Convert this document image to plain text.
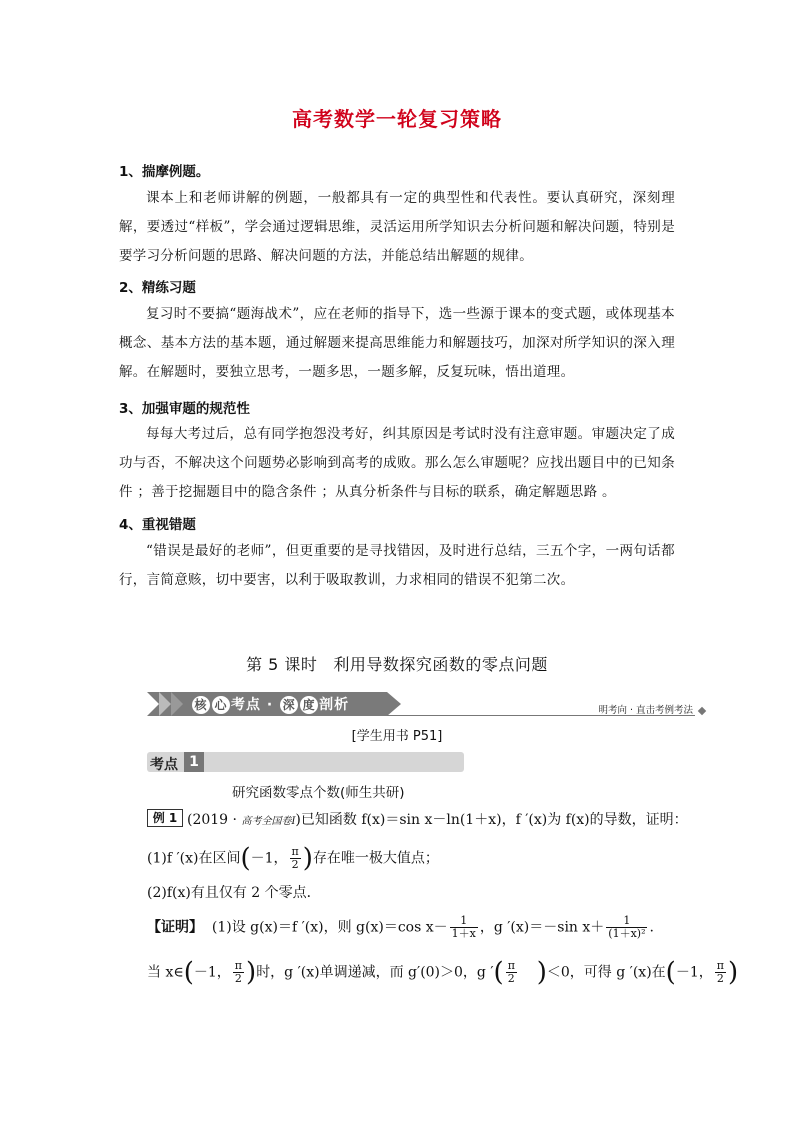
高考数学一轮复习策略
1、揣摩例题。
课本上和老师讲解的例题，一般都具有一定的典型性和代表性。要认真研究，深刻理解，要透过“样板”，学会通过逻辑思维，灵活运用所学知识去分析问题和解决问题，特别是要学习分析问题的思路、解决问题的方法，并能总结出解题的规律。
2、精练习题
复习时不要搞“题海战术”，应在老师的指导下，选一些源于课本的变式题，或体现基本概念、基本方法的基本题，通过解题来提高思维能力和解题技巧，加深对所学知识的深入理解。在解题时，要独立思考，一题多思，一题多解，反复玩味，悟出道理。
3、加强审题的规范性
每每大考过后，总有同学抱怨没考好，纠其原因是考试时没有注意审题。审题决定了成功与否，不解决这个问题势必影响到高考的成败。那么怎么审题呢？应找出题目中的已知条件 ；善于挖掘题目中的隐含条件 ；从真分析条件与目标的联系，确定解题思路 。
4、重视错题
“错误是最好的老师”，但更重要的是寻找错因，及时进行总结，三五个字，一两句话都行，言简意赅，切中要害，以利于吸取教训，力求相同的错误不犯第二次。
第 5 课时 利用导数探究函数的零点问题
核 心 考点 · 深 度 剖析	明考向 · 直击考例考法
[学生用书 P51]
考点 1
研究函数零点个数(师生共研)
例 1 (2019 · 高考全国卷Ⅰ)已知函数 f(x)＝sin x－ln(1＋x)，f ′(x)为 f(x)的导数，证明：
(1)f ′(x)在区间(－1， $\frac{\pi}{2}$ )存在唯一极大值点；
(2)f(x)有且仅有 2 个零点．
【证明】 (1)设 g(x)＝f ′(x)，则 g(x)＝cos $x- \frac{1}{1+x}$ ，g ′(x)＝－sin $x+ \frac{1}{\text{(1＋x)²}}$ .
当 x∈(－1， $\frac{\pi}{2}$ )时，g ′(x)单调递减，而 g′(0)＞0，g ′( $\frac{\pi}{2} )<0$，可得 g ′(x)在(－1， $\frac{\pi}{2}$ )
